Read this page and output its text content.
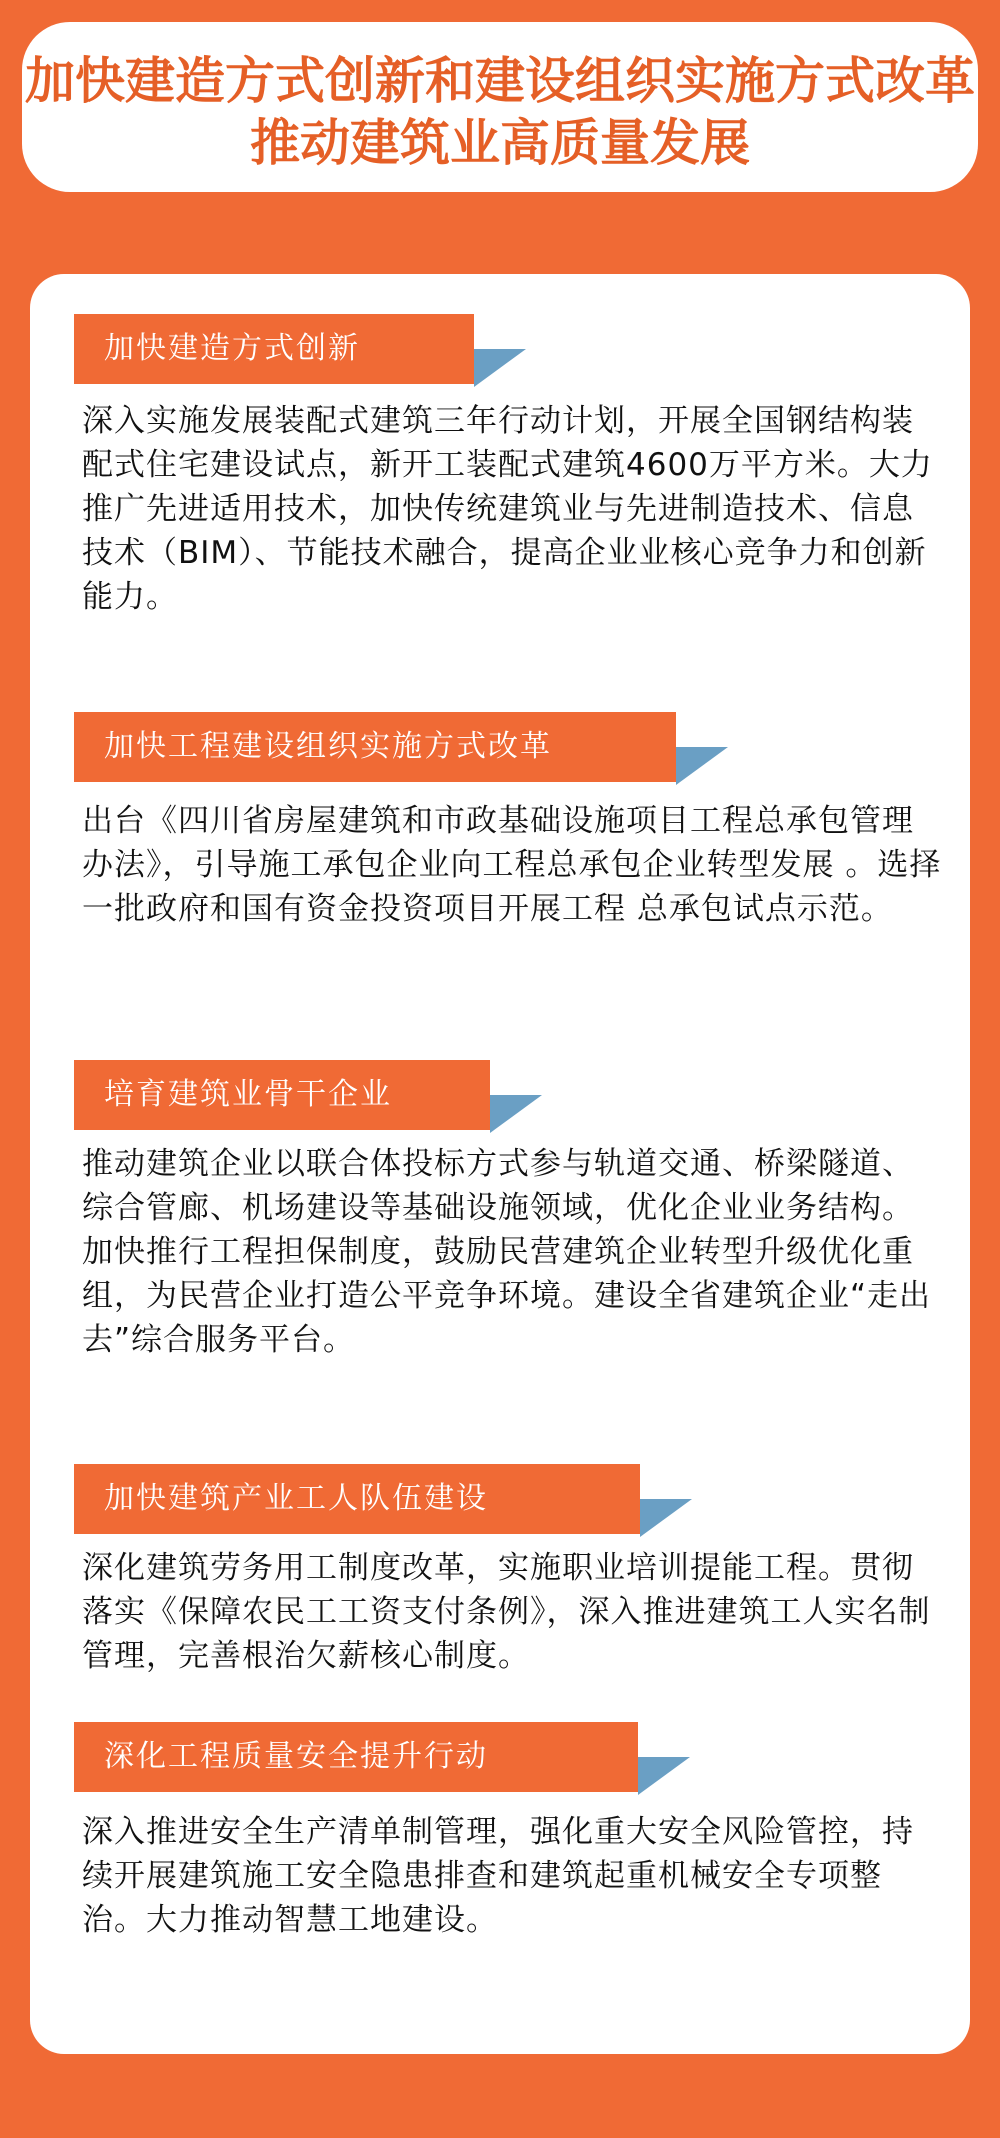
加快建造方式创新和建设组织实施方式改革
推动建筑业高质量发展
加快建造方式创新
深入实施发展装配式建筑三年行动计划，开展全国钢结构装配式住宅建设试点，新开工装配式建筑4600万平方米。大力推广先进适用技术，加快传统建筑业与先进制造技术、信息技术（BIM）、节能技术融合，提高企业业核心竞争力和创新能力。
加快工程建设组织实施方式改革
出台《四川省房屋建筑和市政基础设施项目工程总承包管理办法》，引导施工承包企业向工程总承包企业转型发展 。选择一批政府和国有资金投资项目开展工程 总承包试点示范。
培育建筑业骨干企业
推动建筑企业以联合体投标方式参与轨道交通、桥梁隧道、综合管廊、机场建设等基础设施领域，优化企业业务结构。加快推行工程担保制度，鼓励民营建筑企业转型升级优化重组，为民营企业打造公平竞争环境。建设全省建筑企业“走出去”综合服务平台。
加快建筑产业工人队伍建设
深化建筑劳务用工制度改革，实施职业培训提能工程。贯彻落实《保障农民工工资支付条例》，深入推进建筑工人实名制管理，完善根治欠薪核心制度。
深化工程质量安全提升行动
深入推进安全生产清单制管理，强化重大安全风险管控，持续开展建筑施工安全隐患排查和建筑起重机械安全专项整治。大力推动智慧工地建设。
